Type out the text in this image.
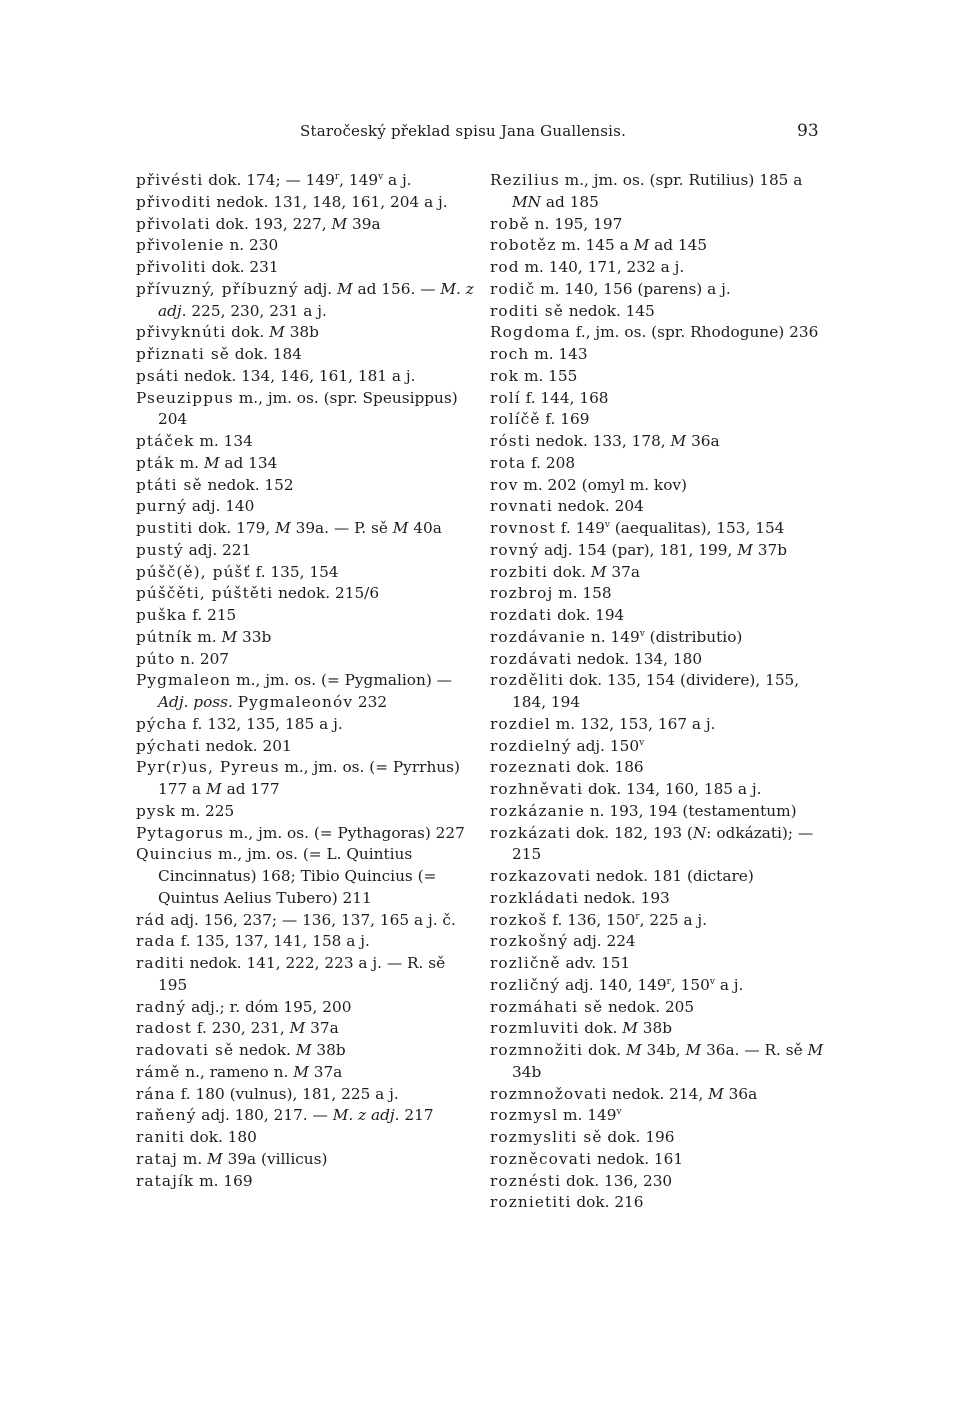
Staročeský překlad spisu Jana Guallensis.	93
přivésti dok. 174; — 149$^r$, 149$^v$ a j.
přivoditi nedok. 131, 148, 161, 204 a j.
přivolati dok. 193, 227, M 39a
přivolenie n. 230
přivoliti dok. 231
přívuzný, příbuzný adj. M ad 156. — M. z adj. 225, 230, 231 a j.
přivyknúti dok. M 38b
přiznati sě dok. 184
psáti nedok. 134, 146, 161, 181 a j.
Pseuzippus m., jm. os. (spr. Speusippus) 204
ptáček m. 134
pták m. M ad 134
ptáti sě nedok. 152
purný adj. 140
pustiti dok. 179, M 39a. — P. sě M 40a
pustý adj. 221
púšč(ě), púšť f. 135, 154
púščěti, púštěti nedok. 215/6
puška f. 215
pútník m. M 33b
púto n. 207
Pygmaleon m., jm. os. (= Pygmalion) — Adj. poss. Pygmaleonóv 232
pýcha f. 132, 135, 185 a j.
pýchati nedok. 201
Pyr(r)us, Pyreus m., jm. os. (= Pyrrhus) 177 a M ad 177
pysk m. 225
Pytagorus m., jm. os. (= Pythagoras) 227
Quincius m., jm. os. (= L. Quintius Cincinnatus) 168; Tibio Quincius (= Quintus Aelius Tubero) 211
rád adj. 156, 237; — 136, 137, 165 a j. č.
rada f. 135, 137, 141, 158 a j.
raditi nedok. 141, 222, 223 a j. — R. sě 195
radný adj.; r. dóm 195, 200
radost f. 230, 231, M 37a
radovati sě nedok. M 38b
rámě n., rameno n. M 37a
rána f. 180 (vulnus), 181, 225 a j.
raňený adj. 180, 217. — M. z adj. 217
raniti dok. 180
rataj m. M 39a (villicus)
ratajík m. 169
Rezilius m., jm. os. (spr. Rutilius) 185 a MN ad 185
robě n. 195, 197
robotěz m. 145 a M ad 145
rod m. 140, 171, 232 a j.
rodič m. 140, 156 (parens) a j.
roditi sě nedok. 145
Rogdoma f., jm. os. (spr. Rhodogune) 236
roch m. 143
rok m. 155
rolí f. 144, 168
rolíčě f. 169
rósti nedok. 133, 178, M 36a
rota f. 208
rov m. 202 (omyl m. kov)
rovnati nedok. 204
rovnost f. 149$^v$ (aequalitas), 153, 154
rovný adj. 154 (par), 181, 199, M 37b
rozbiti dok. M 37a
rozbroj m. 158
rozdati dok. 194
rozdávanie n. 149$^v$ (distributio)
rozdávati nedok. 134, 180
rozděliti dok. 135, 154 (dividere), 155, 184, 194
rozdiel m. 132, 153, 167 a j.
rozdielný adj. 150$^v$
rozeznati dok. 186
rozhněvati dok. 134, 160, 185 a j.
rozkázanie n. 193, 194 (testamentum)
rozkázati dok. 182, 193 (N: odkázati); — 215
rozkazovati nedok. 181 (dictare)
rozkládati nedok. 193
rozkoš f. 136, 150$^r$, 225 a j.
rozkošný adj. 224
rozličně adv. 151
rozličný adj. 140, 149$^r$, 150$^v$ a j.
rozmáhati sě nedok. 205
rozmluviti dok. M 38b
rozmnožiti dok. M 34b, M 36a. — R. sě M 34b
rozmnožovati nedok. 214, M 36a
rozmysl m. 149$^v$
rozmysliti sě dok. 196
rozněcovati nedok. 161
roznésti dok. 136, 230
roznietiti dok. 216
